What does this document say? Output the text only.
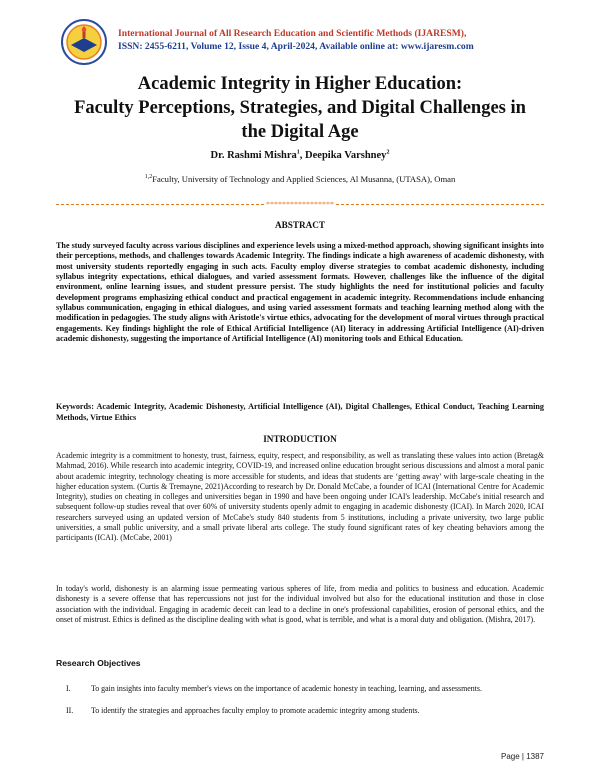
International Journal of All Research Education and Scientific Methods (IJARESM),
ISSN: 2455-6211, Volume 12, Issue 4, April-2024, Available online at: www.ijaresm.com
Academic Integrity in Higher Education:
Faculty Perceptions, Strategies, and Digital Challenges in
the Digital Age
Dr. Rashmi Mishra$^1$, Deepika Varshney$^2$
$^{1,2}$Faculty, University of Technology and Applied Sciences, Al Musanna, (UTASA), Oman
*****************
ABSTRACT

The study surveyed faculty across various disciplines and experience levels using a mixed-method approach, showing significant insights into their perceptions, methods, and challenges towards Academic Integrity. The findings indicate a high awareness of academic dishonesty, with most university students reportedly engaging in such acts. Faculty employ diverse strategies to combat academic dishonesty, including syllabus integrity expectations, ethical dialogues, and varied assessment formats. However, challenges like the influence of the digital environment, online learning issues, and student pressure persist. The study highlights the need for institutional policies and faculty development programs emphasizing ethical conduct and practical engagement in academic integrity. Recommendations include enhancing syllabus communication, engaging in ethical dialogues, and using varied assessment formats and teaching learning method along with the modification in pedagogies. The study aligns with Aristotle's virtue ethics, advocating for the development of moral virtues through practical engagements. Key findings highlight the role of Ethical Artificial Intelligence (AI) literacy in addressing Artificial Intelligence (AI)-driven academic dishonesty, suggesting the importance of Artificial Intelligence (AI) monitoring tools and Ethical Education.

Keywords: Academic Integrity, Academic Dishonesty, Artificial Intelligence (AI), Digital Challenges, Ethical Conduct, Teaching Learning Methods, Virtue Ethics

INTRODUCTION

Academic integrity is a commitment to honesty, trust, fairness, equity, respect, and responsibility, as well as translating these values into action (Bretag& Mahmad, 2016). While research into academic integrity, COVID-19, and increased online education brought serious discussions and almost a moral panic about academic integrity, technology cheating is more accessible for students, and ideas that students are ‘getting away’ with large-scale cheating in the higher education system. (Curtis & Tremayne, 2021)According to research by Dr. Donald McCabe, a founder of ICAI (International Centre for Academic Integrity), studies on cheating in colleges and universities began in 1990 and have been ongoing under ICAI's leadership. McCabe's initial research and subsequent follow-up studies reveal that over 60% of university students openly admit to engaging in academic dishonesty (ICAI). In March 2020, ICAI researchers surveyed using an updated version of McCabe's study 840 students from 5 institutions, including a private university, two large public universities, a small public university, and a small private liberal arts college. The study found significant rates of key cheating behaviors among the participants (ICAI). (McCabe, 2001)

In today's world, dishonesty is an alarming issue permeating various spheres of life, from media and politics to business and education. Academic dishonesty is a severe offense that has repercussions not just for the individual involved but also for the educational institution and those in close association with the individual. Engaging in academic deceit can lead to a decline in one's professional capabilities, erosion of personal ethics, and the onset of mistrust. Ethics is defined as the discipline dealing with what is good, what is terrible, and what is a moral duty and obligation. (Mishra, 2017).

Research Objectives
I.	To gain insights into faculty member's views on the importance of academic honesty in teaching, learning, and assessments.
II. To identify the strategies and approaches faculty employ to promote academic integrity among students.
Page | 1387
